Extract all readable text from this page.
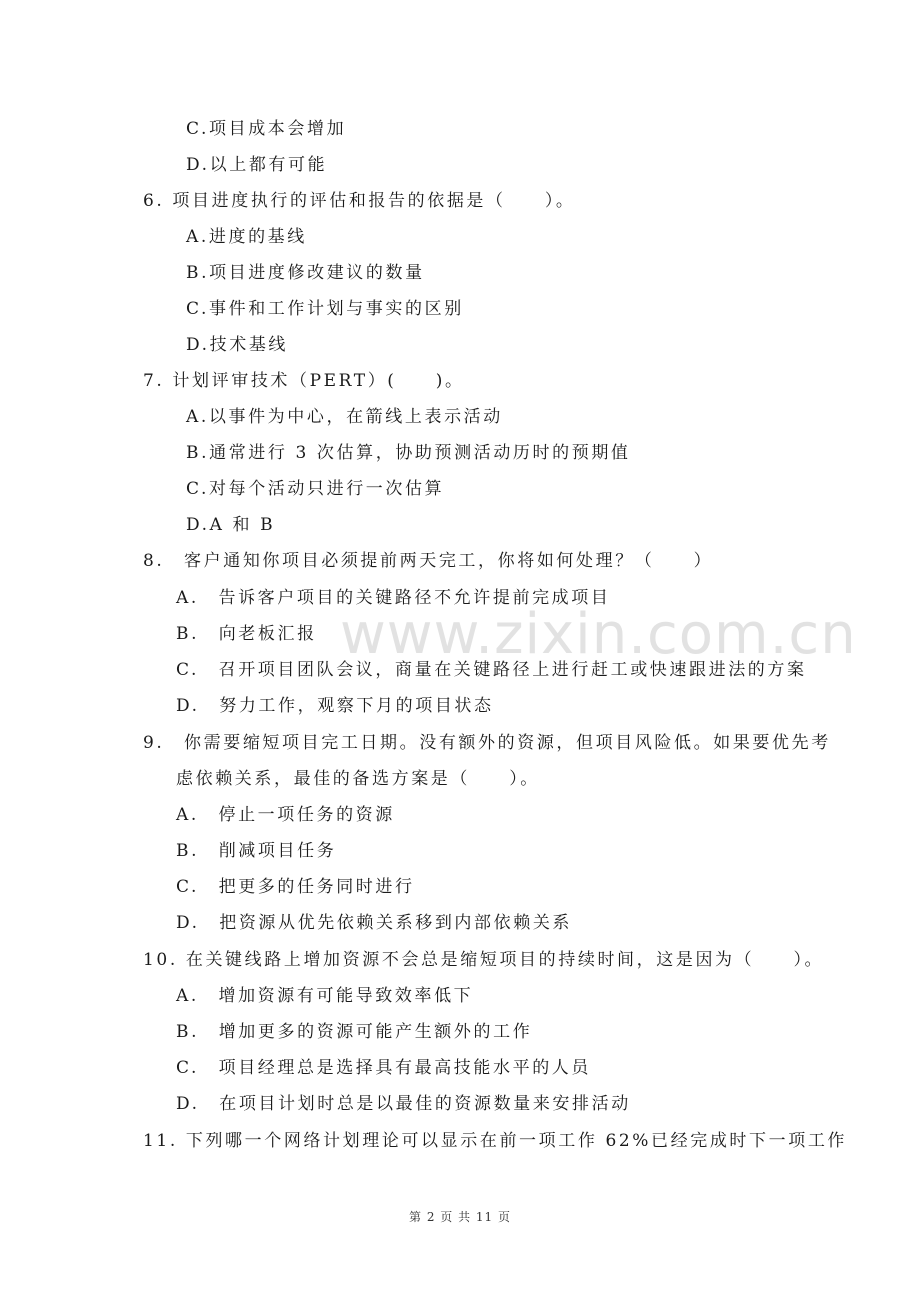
www.zixin.com.cn
C.项目成本会增加
D.以上都有可能
6. 项目进度执行的评估和报告的依据是（　　）。
A.进度的基线
B.项目进度修改建议的数量
C.事件和工作计划与事实的区别
D.技术基线
7. 计划评审技术（PERT）(　　)。
A.以事件为中心，在箭线上表示活动
B.通常进行 3 次估算，协助预测活动历时的预期值
C.对每个活动只进行一次估算
D.A 和 B
8.　客户通知你项目必须提前两天完工，你将如何处理？（　　）
A.　告诉客户项目的关键路径不允许提前完成项目
B.　向老板汇报
C.　召开项目团队会议，商量在关键路径上进行赶工或快速跟进法的方案
D.　努力工作，观察下月的项目状态
9.　你需要缩短项目完工日期。没有额外的资源，但项目风险低。如果要优先考
虑依赖关系，最佳的备选方案是（　　）。
A.　停止一项任务的资源
B.　削减项目任务
C.　把更多的任务同时进行
D.　把资源从优先依赖关系移到内部依赖关系
10. 在关键线路上增加资源不会总是缩短项目的持续时间，这是因为（　　）。
A.　增加资源有可能导致效率低下
B.　增加更多的资源可能产生额外的工作
C.　项目经理总是选择具有最高技能水平的人员
D.　在项目计划时总是以最佳的资源数量来安排活动
11. 下列哪一个网络计划理论可以显示在前一项工作 62%已经完成时下一项工作
第 2 页 共 11 页
